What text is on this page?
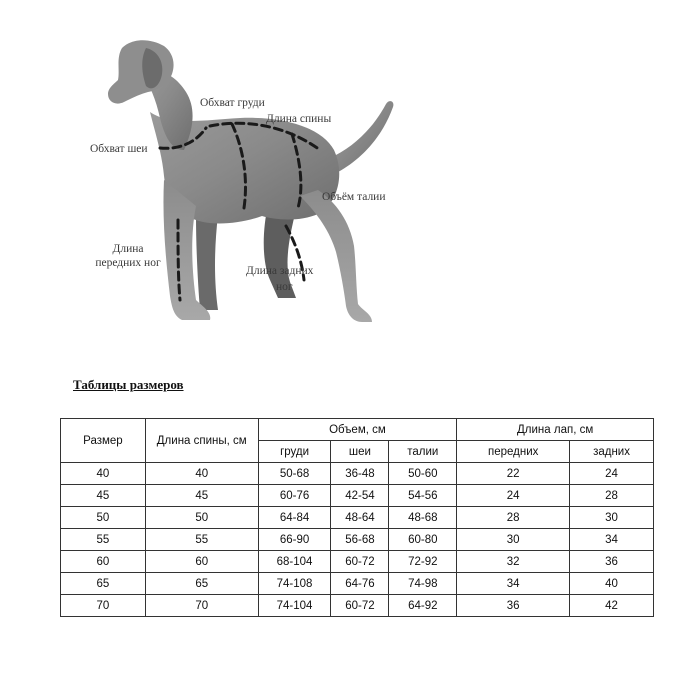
Обхват груди
Длина спины
Обхват шеи
Объём талии
Длина
передних ног
Длина задних
ног
Таблицы размеров
Размер	Длина спины, см	Объем, см			Длина лап, см	
		груди	шеи	талии	передних	задних
40	40	50-68	36-48	50-60	22	24
45	45	60-76	42-54	54-56	24	28
50	50	64-84	48-64	48-68	28	30
55	55	66-90	56-68	60-80	30	34
60	60	68-104	60-72	72-92	32	36
65	65	74-108	64-76	74-98	34	40
70	70	74-104	60-72	64-92	36	42
